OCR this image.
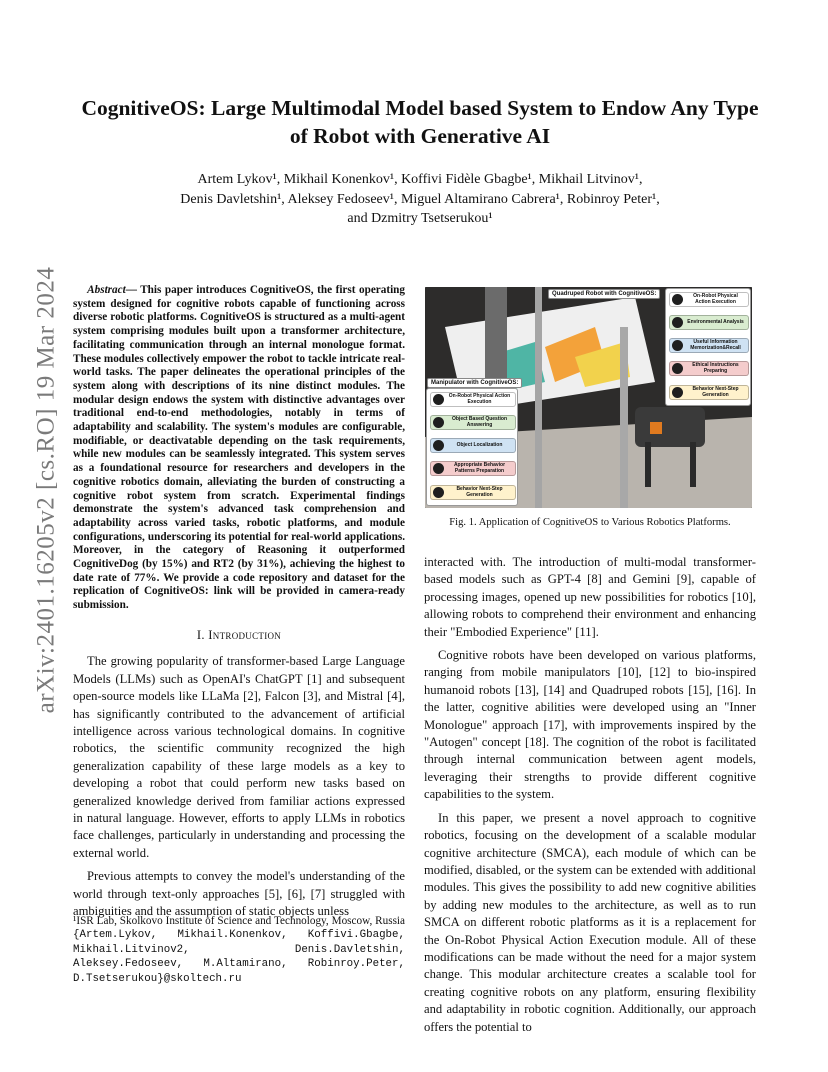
arXiv:2401.16205v2 [cs.RO] 19 Mar 2024
CognitiveOS: Large Multimodal Model based System to Endow Any Type of Robot with Generative AI
Artem Lykov¹, Mikhail Konenkov¹, Koffivi Fidèle Gbagbe¹, Mikhail Litvinov¹,
Denis Davletshin¹, Aleksey Fedoseev¹, Miguel Altamirano Cabrera¹, Robinroy Peter¹,
and Dzmitry Tsetserukou¹

Abstract— This paper introduces CognitiveOS, the first operating system designed for cognitive robots capable of functioning across diverse robotic platforms. CognitiveOS is structured as a multi-agent system comprising modules built upon a transformer architecture, facilitating communication through an internal monologue format. These modules collectively empower the robot to tackle intricate real-world tasks. The paper delineates the operational principles of the system along with descriptions of its nine distinct modules. The modular design endows the system with distinctive advantages over traditional end-to-end methodologies, notably in terms of adaptability and scalability. The system's modules are configurable, modifiable, or deactivatable depending on the task requirements, while new modules can be seamlessly integrated. This system serves as a foundational resource for researchers and developers in the cognitive robotics domain, alleviating the burden of constructing a cognitive robot system from scratch. Experimental findings demonstrate the system's advanced task comprehension and adaptability across varied tasks, robotic platforms, and module configurations, underscoring its potential for real-world applications. Moreover, in the category of Reasoning it outperformed CognitiveDog (by 15%) and RT2 (by 31%), achieving the highest to date rate of 77%. We provide a code repository and dataset for the replication of CognitiveOS: link will be provided in camera-ready submission.

I. Introduction

The growing popularity of transformer-based Large Language Models (LLMs) such as OpenAI's ChatGPT [1] and subsequent open-source models like LLaMa [2], Falcon [3], and Mistral [4], has significantly contributed to the advancement of artificial intelligence across various technological domains. In cognitive robotics, the scientific community recognized the high generalization capability of these large models as a key to developing a robot that could perform new tasks based on generalized knowledge derived from familiar actions expressed in natural language. However, efforts to apply LLMs in robotics face challenges, particularly in understanding and processing the external world.

Previous attempts to convey the model's understanding of the world through text-only approaches [5], [6], [7] struggled with ambiguities and the assumption of static objects unless

¹ISR Lab, Skolkovo Institute of Science and Technology, Moscow, Russia {Artem.Lykov, Mikhail.Konenkov, Koffivi.Gbagbe, Mikhail.Litvinov2, Denis.Davletshin, Aleksey.Fedoseev, M.Altamirano, Robinroy.Peter, D.Tsetserukou}@skoltech.ru
Quadruped Robot with CognitiveOS:	On-Robot Physical Action Execution
Environmental Analysis
Useful Information Memorization&Recall
Ethical Instructions Preparing
Behavior Next-Step Generation
Manipulator with CognitiveOS:
On-Robot Physical Action Execution
Object Based Question Answering
Object Localization
Appropriate Behavior Patterns Preparation
Behavior Next-Step Generation
Fig. 1. Application of CognitiveOS to Various Robotics Platforms.

interacted with. The introduction of multi-modal transformer-based models such as GPT-4 [8] and Gemini [9], capable of processing images, opened up new possibilities for robotics [10], allowing robots to comprehend their environment and enhancing their "Embodied Experience" [11].

Cognitive robots have been developed on various platforms, ranging from mobile manipulators [10], [12] to bio-inspired humanoid robots [13], [14] and Quadruped robots [15], [16]. In the latter, cognitive abilities were developed using an "Inner Monologue" approach [17], with improvements inspired by the "Autogen" concept [18]. The cognition of the robot is facilitated through internal communication between agent models, leveraging their strengths to provide different cognitive capabilities to the system.

In this paper, we present a novel approach to cognitive robotics, focusing on the development of a scalable modular cognitive architecture (SMCA), each module of which can be modified, disabled, or the system can be extended with additional modules. This gives the possibility to add new cognitive abilities by adding new modules to the architecture, as well as to run SMCA on different robotic platforms as it is a replacement for the On-Robot Physical Action Execution module. All of these modifications can be made without the need for a major system change. This modular architecture creates a scalable tool for creating cognitive robots on any platform, ensuring flexibility and adaptability in robotic cognition. Additionally, our approach offers the potential to
